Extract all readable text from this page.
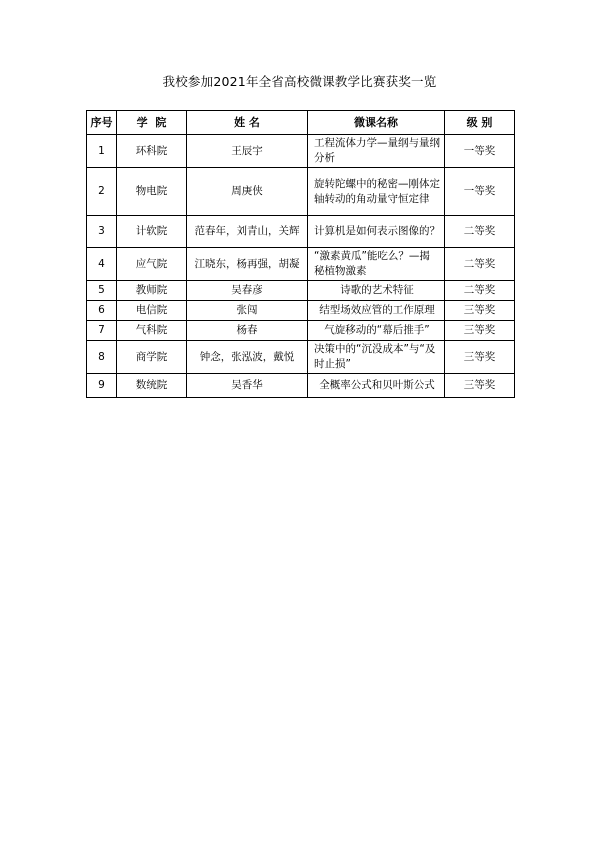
我校参加2021年全省高校微课教学比赛获奖一览
序号	学  院	姓 名	微课名称	级 别
1	环科院	王辰宇	工程流体力学—量纲与量纲分析	一等奖
2	物电院	周庚侠	旋转陀螺中的秘密—刚体定轴转动的角动量守恒定律	一等奖
3	计软院	范春年，刘青山，关辉	计算机是如何表示图像的？	二等奖
4	应气院	江晓东，杨再强，胡凝	“激素黄瓜”能吃么？—揭秘植物激素	二等奖
5	教师院	吴春彦	诗歌的艺术特征	二等奖
6	电信院	张闯	结型场效应管的工作原理	三等奖
7	气科院	杨春	气旋移动的“幕后推手”	三等奖
8	商学院	钟念，张泓波，戴悦	决策中的“沉没成本”与“及时止损”	三等奖
9	数统院	吴香华	全概率公式和贝叶斯公式	三等奖
